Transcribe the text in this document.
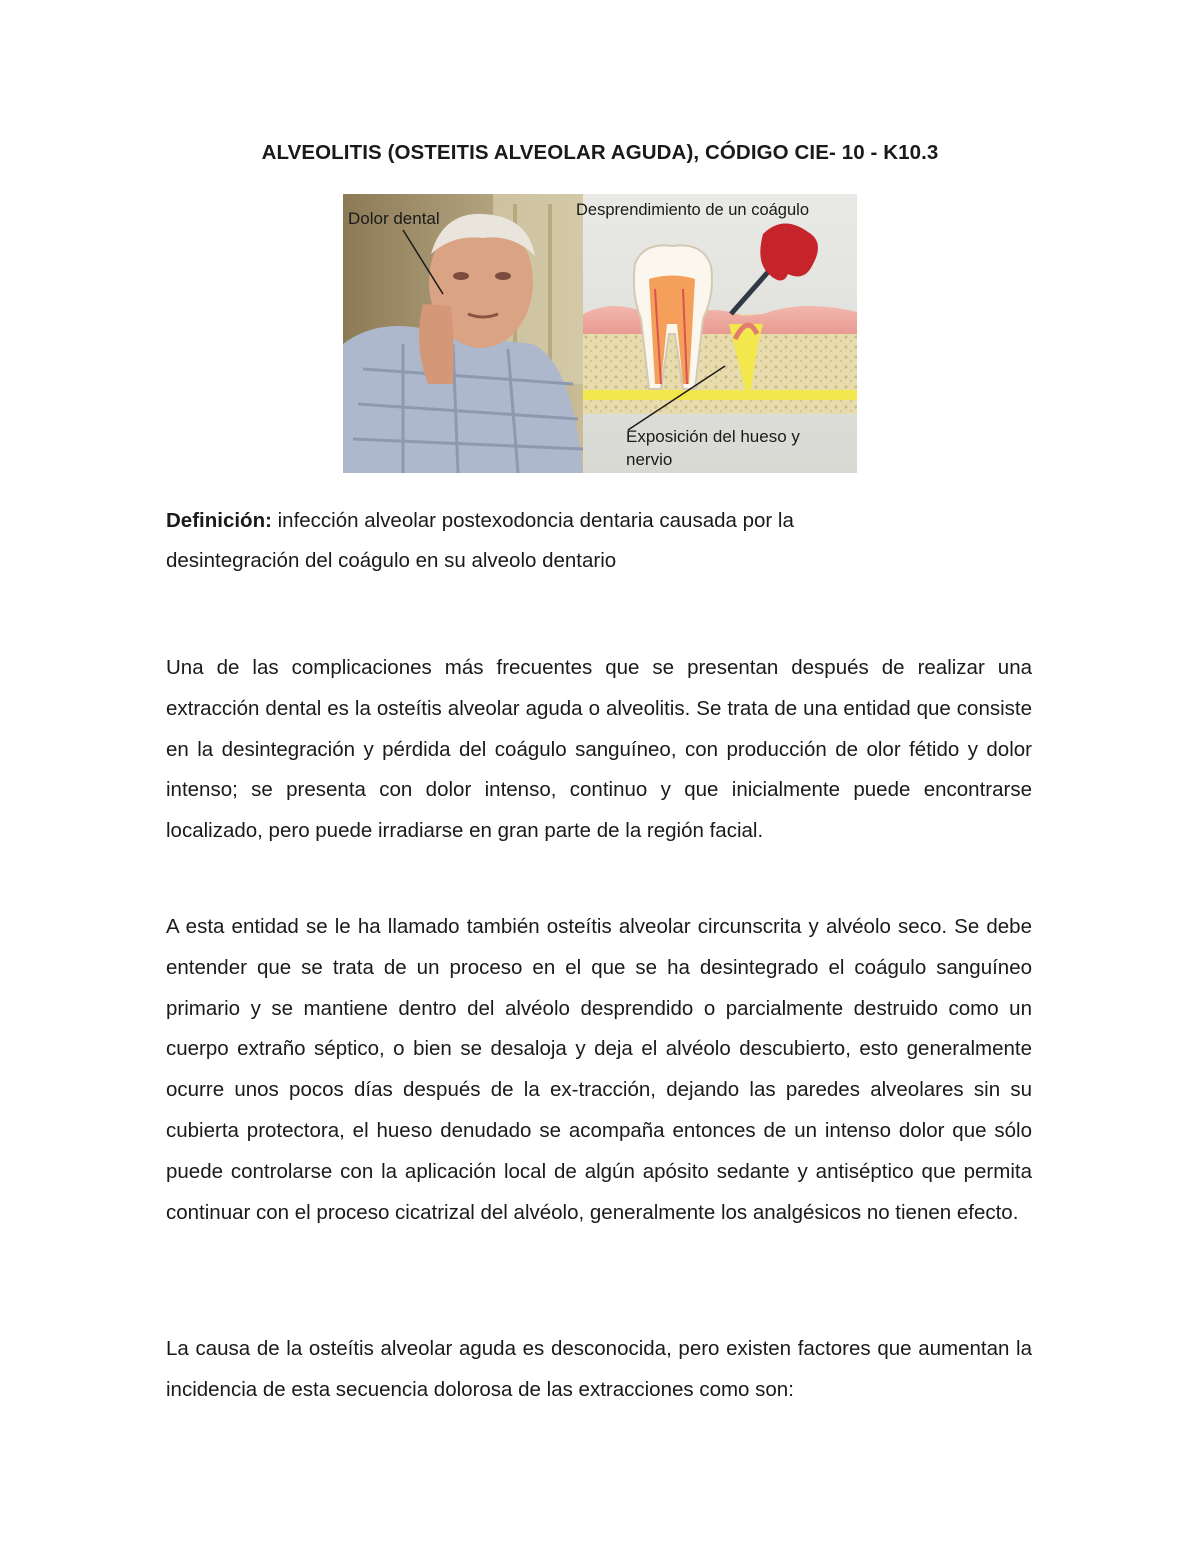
ALVEOLITIS (OSTEITIS ALVEOLAR AGUDA), CÓDIGO CIE- 10 - K10.3
Dolor dental	Desprendimiento de un coágulo
Exposición del hueso y
nervio
Definición: infección alveolar postexodoncia dentaria causada por la
desintegración del coágulo en su alveolo dentario
Una de las complicaciones más frecuentes que se presentan después de realizar una extracción dental es la osteítis alveolar aguda o alveolitis. Se trata de una entidad que consiste en la desintegración y pérdida del coágulo sanguíneo, con producción de olor fétido y dolor intenso; se presenta con dolor intenso, continuo y que inicialmente puede encontrarse localizado, pero puede irradiarse en gran parte de la región facial.
A esta entidad se le ha llamado también osteítis alveolar circunscrita y alvéolo seco. Se debe entender que se trata de un proceso en el que se ha desintegrado el coágulo sanguíneo primario y se mantiene dentro del alvéolo desprendido o parcialmente destruido como un cuerpo extraño séptico, o bien se desaloja y deja el alvéolo descubierto, esto generalmente ocurre unos pocos días después de la ex-tracción, dejando las paredes alveolares sin su cubierta protectora, el hueso denudado se acompaña entonces de un intenso dolor que sólo puede controlarse con la aplicación local de algún apósito sedante y antiséptico que permita continuar con el proceso cicatrizal del alvéolo, generalmente los analgésicos no tienen efecto.
La causa de la osteítis alveolar aguda es desconocida, pero existen factores que aumentan la incidencia de esta secuencia dolorosa de las extracciones como son:
